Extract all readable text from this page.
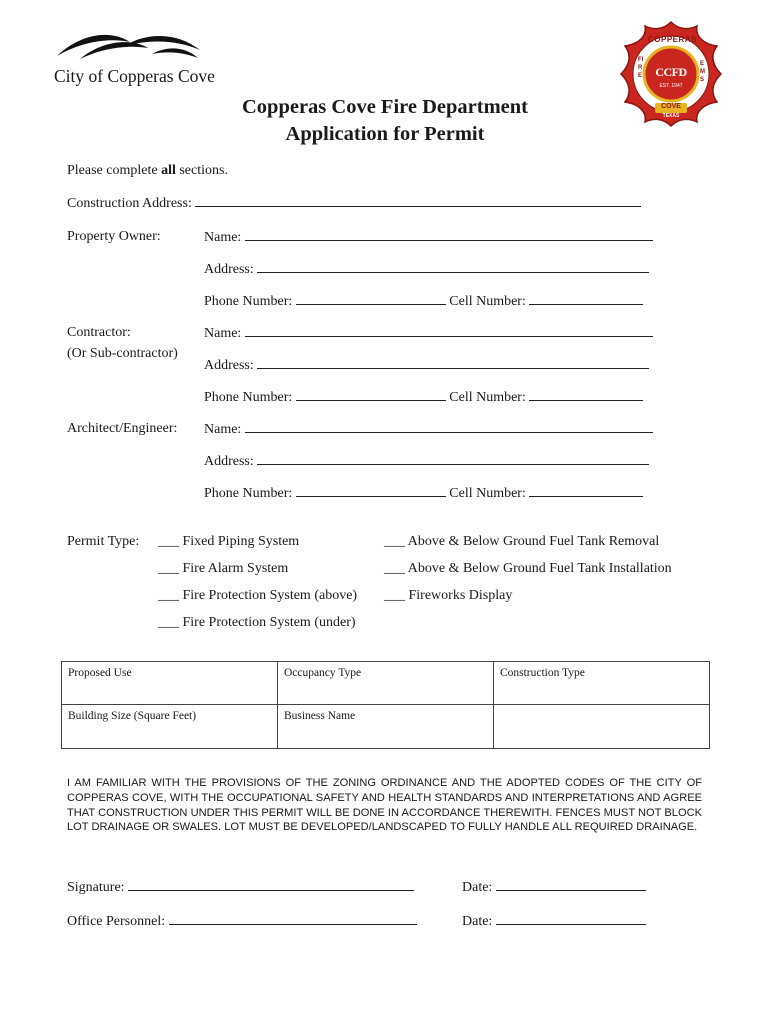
City of Copperas Cove
COPPERAS
CCFD
EST. 1947
FIRE
EMS
COVE
TEXAS
Copperas Cove Fire Department
Application for Permit
Please complete all sections.
Construction Address:
Property Owner:	Name:
Address:
Phone Number:	Cell Number:
Contractor:
(Or Sub-contractor)
Name:
Address:
Phone Number:	Cell Number:
Architect/Engineer: Name:
Address:
Phone Number:	Cell Number:
Permit Type: ___ Fixed Piping System
___ Fire Alarm System
___ Fire Protection System (above)
___ Fire Protection System (under)
___ Above & Below Ground Fuel Tank Removal
___ Above & Below Ground Fuel Tank Installation
___ Fireworks Display
Proposed Use	Occupancy Type	Construction Type
Building Size (Square Feet)	Business Name	
I AM FAMILIAR WITH THE PROVISIONS OF THE ZONING ORDINANCE AND THE ADOPTED CODES OF THE CITY OF COPPERAS COVE, WITH THE OCCUPATIONAL SAFETY AND HEALTH STANDARDS AND INTERPRETATIONS AND AGREE THAT CONSTRUCTION UNDER THIS PERMIT WILL BE DONE IN ACCORDANCE THEREWITH. FENCES MUST NOT BLOCK LOT DRAINAGE OR SWALES. LOT MUST BE DEVELOPED/LANDSCAPED TO FULLY HANDLE ALL REQUIRED DRAINAGE.
Signature:	Date:
Office Personnel:	Date:
